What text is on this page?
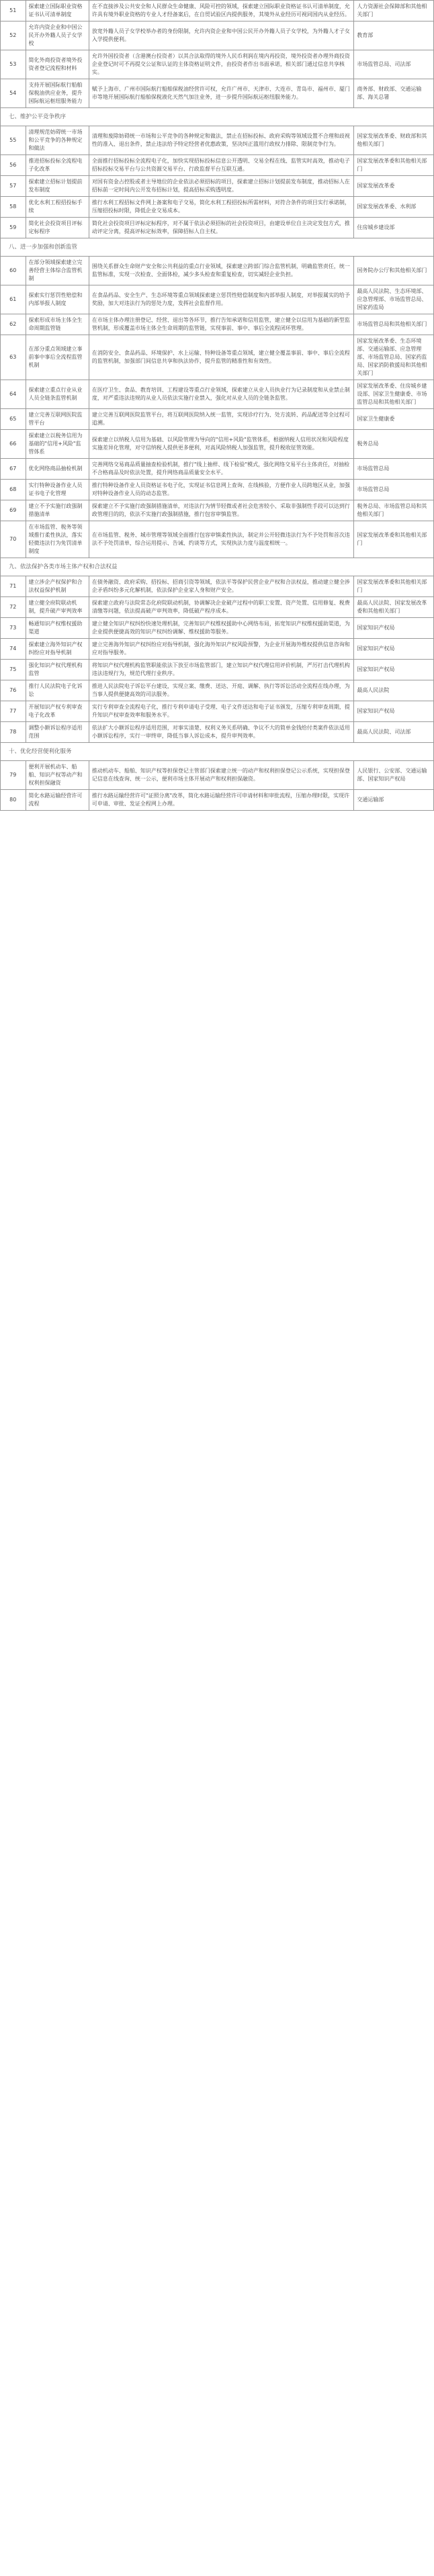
51	探索建立国际职业资格证书认可清单制度	在不直接涉及公共安全和人民群众生命健康、风险可控的领域，探索建立国际职业资格证书认可清单制度，允许具有境外职业资格的专业人才经备案后，在自贸试验区内提供服务，其境外从业经历可视同国内从业经历。	人力资源社会保障部和其他相关部门
52	允许内资企业和中国公民开办外籍人员子女学校	放宽外籍人员子女学校举办者的身份限制，允许内资企业和中国公民开办外籍人员子女学校，为外籍人才子女入学提供便利。	教育部
53	简化外商投资者境外投资者登记流程和材料	允许外国投资者（含港澳台投资者）以其合法取得的境外人民币利润在境内再投资，境外投资者办理外商投资企业登记时可不再提交公证和认证的主体资格证明文件，由投资者作出书面承诺，相关部门通过信息共享核实。	市场监管总局、司法部
54	支持开展国际航行船舶保税油供应业务，提升国际航运枢纽服务能力	赋予上海市、广州市国际航行船舶保税油经营许可权，允许广州市、天津市、大连市、青岛市、福州市、厦门市等地开展国际航行船舶保税液化天然气加注业务，进一步提升国际航运枢纽服务能力。	商务部、财政部、交通运输部、海关总署
七、维护公平竞争秩序
55	清理规范妨碍统一市场和公平竞争的各种规定和做法	清理和废除妨碍统一市场和公平竞争的各种规定和做法，禁止在招标投标、政府采购等领域设置不合理和歧视性的准入、退出条件，禁止违法给予特定经营者优惠政策，坚决纠正滥用行政权力排除、限制竞争行为。	国家发展改革委、财政部和其他相关部门
56	推进招标投标全流程电子化改革	全面推行招标投标全流程电子化，加快实现招标投标信息公开透明、交易全程在线、监管实时高效，推动电子招标投标交易平台与公共资源交易平台、行政监督平台互联互通。	国家发展改革委和其他相关部门
57	探索建立招标计划提前发布制度	对国有资金占控股或者主导地位的企业依法必须招标的项目，探索建立招标计划提前发布制度，推动招标人在招标前一定时间内公开发布招标计划，提高招标采购透明度。	国家发展改革委
58	优化水利工程招投标手续	推行水利工程招标文件网上备案和电子交易，简化水利工程招投标所需材料，对符合条件的项目实行承诺制，压缩招投标时限，降低企业交易成本。	国家发展改革委、水利部
59	简化社会投资项目评标定标程序	简化社会投资项目评标定标程序，对不属于依法必须招标的社会投资项目，由建设单位自主决定发包方式，推动评定分离，提高评标定标效率，保障招标人自主权。	住房城乡建设部
八、进一步加强和创新监管
60	在部分领域探索建立完善经营主体综合监管机制	围绕关系群众生命财产安全和公共利益的重点行业领域，探索建立跨部门综合监管机制，明确监管责任，统一监管标准，实现一次检查、全面体检，减少多头检查和重复检查，切实减轻企业负担。	国务院办公厅和其他相关部门
61	探索实行惩罚性赔偿和内部举报人制度	在食品药品、安全生产、生态环境等重点领域探索建立惩罚性赔偿制度和内部举报人制度，对举报属实的给予奖励，加大对违法行为的惩处力度，发挥社会监督作用。	最高人民法院、生态环境部、应急管理部、市场监管总局、国家药监局
62	探索形成市场主体全生命周期监管链	在市场主体办理注册登记、经营、退出等各环节，推行告知承诺和信用监管，建立健全以信用为基础的新型监管机制，形成覆盖市场主体全生命周期的监管链，实现事前、事中、事后全流程闭环管理。	市场监管总局和其他相关部门
63	在部分重点领域建立事前事中事后全流程监管机制	在消防安全、食品药品、环境保护、水上运输、特种设备等重点领域，建立健全覆盖事前、事中、事后全流程的监管机制，加强部门间信息共享和执法协作，提升监管的精准性和有效性。	国家发展改革委、生态环境部、交通运输部、应急管理部、市场监管总局、国家药监局、国家消防救援局和其他相关部门
64	探索建立重点行业从业人员全链条监管机制	在医疗卫生、食品、教育培训、工程建设等重点行业领域，探索建立从业人员执业行为记录制度和从业禁止制度，对严重违法违规的从业人员依法实施行业禁入，强化对从业人员的全链条监管。	国家发展改革委、住房城乡建设部、国家卫生健康委、市场监管总局和其他相关部门
65	建立完善互联网医院监管平台	建立完善互联网医院监管平台，将互联网医院纳入统一监管，实现诊疗行为、处方流转、药品配送等全过程可追溯。	国家卫生健康委
66	探索建立以税务信用为基础的"信用+风险"监管体系	探索建立以纳税人信用为基础、以风险管理为导向的"信用+风险"监管体系，根据纳税人信用状况和风险程度实施差异化管理，对守信纳税人提供更多便利，对高风险纳税人加强监管，提升税收征管效能。	税务总局
67	优化网络商品抽检机制	完善网络交易商品质量抽查检验机制，推行"线上抽样、线下检验"模式，强化网络交易平台主体责任，对抽检不合格商品及时依法处置，提升网络商品质量安全水平。	市场监管总局
68	实行特种设备作业人员证书电子化管理	推行特种设备作业人员资格证书电子化，实现证书信息网上查询、在线核验，方便作业人员跨地区从业，加强对特种设备作业人员的动态监管。	市场监管总局
69	建立不予实施行政强制措施清单	探索建立不予实施行政强制措施清单，对违法行为情节轻微或者社会危害较小、采取非强制性手段可以达到行政管理目的的，依法不实施行政强制措施，推行包容审慎监管。	税务总局、市场监管总局和其他相关部门
70	在市场监管、税务等领域推行柔性执法，落实轻微违法行为免罚清单制度	在市场监管、税务、城市管理等领域全面推行包容审慎柔性执法，制定并公开轻微违法行为不予处罚和首次违法不予处罚清单，综合运用提示、告诫、约谈等方式，实现执法力度与温度相统一。	国家发展改革委和其他相关部门
九、依法保护各类市场主体产权和合法权益
71	建立涉企产权保护和合法权益保护机制	在债务融资、政府采购、招投标、招商引资等领域，依法平等保护民营企业产权和合法权益，推动建立健全涉企矛盾纠纷多元化解机制，依法保护企业家人身和财产安全。	国家发展改革委和其他相关部门
72	建立健全府院联动机制，提升破产审判效率	探索建立政府与法院常态化府院联动机制，协调解决企业破产过程中的职工安置、资产处置、信用修复、税费清缴等问题，依法提高破产审判效率，降低破产程序成本。	最高人民法院、国家发展改革委和其他相关部门
73	畅通知识产权维权援助渠道	建立健全知识产权纠纷快速处理机制，完善知识产权维权援助中心网络布局，拓宽知识产权维权援助渠道，为企业提供便捷高效的知识产权纠纷调解、维权援助等服务。	国家知识产权局
74	探索建立海外知识产权纠纷应对指导机制	建立完善海外知识产权纠纷应对指导机制，强化海外知识产权风险预警，为企业开展海外维权提供信息咨询和应对指导服务。	国家知识产权局
75	强化知识产权代理机构监管	将知识产权代理机构监管职能依法下放至市场监管部门，建立知识产权代理信用评价机制，严厉打击代理机构违法违规行为，规范代理行业秩序。	国家知识产权局
76	推行人民法院电子化诉讼	推进人民法院电子诉讼平台建设，实现立案、缴费、送达、开庭、调解、执行等诉讼活动全流程在线办理，为当事人提供便捷高效的司法服务。	最高人民法院
77	开展知识产权专利审查电子化改革	实行专利审查全流程电子化，推行专利申请电子受理、电子文件送达和电子证书颁发，压缩专利审查周期，提升知识产权审查效率和服务水平。	国家知识产权局
78	调整小额诉讼程序适用范围	依法扩大小额诉讼程序适用范围，对事实清楚、权利义务关系明确、争议不大的简单金钱给付类案件依法适用小额诉讼程序，实行一审终审，降低当事人诉讼成本，提升审判效率。	最高人民法院、司法部
十、优化经营便利化服务
79	便利开展机动车、船舶、知识产权等动产和权利担保融资	推动机动车、船舶、知识产权等担保登记主管部门探索建立统一的动产和权利担保登记公示系统，实现担保登记信息在线查询、统一公示，便利市场主体开展动产和权利担保融资。	人民银行、公安部、交通运输部、国家知识产权局
80	简化水路运输经营许可流程	推行水路运输经营许可"证照分离"改革，简化水路运输经营许可申请材料和审批流程，压缩办理时限，实现许可申请、审批、发证全程网上办理。	交通运输部
